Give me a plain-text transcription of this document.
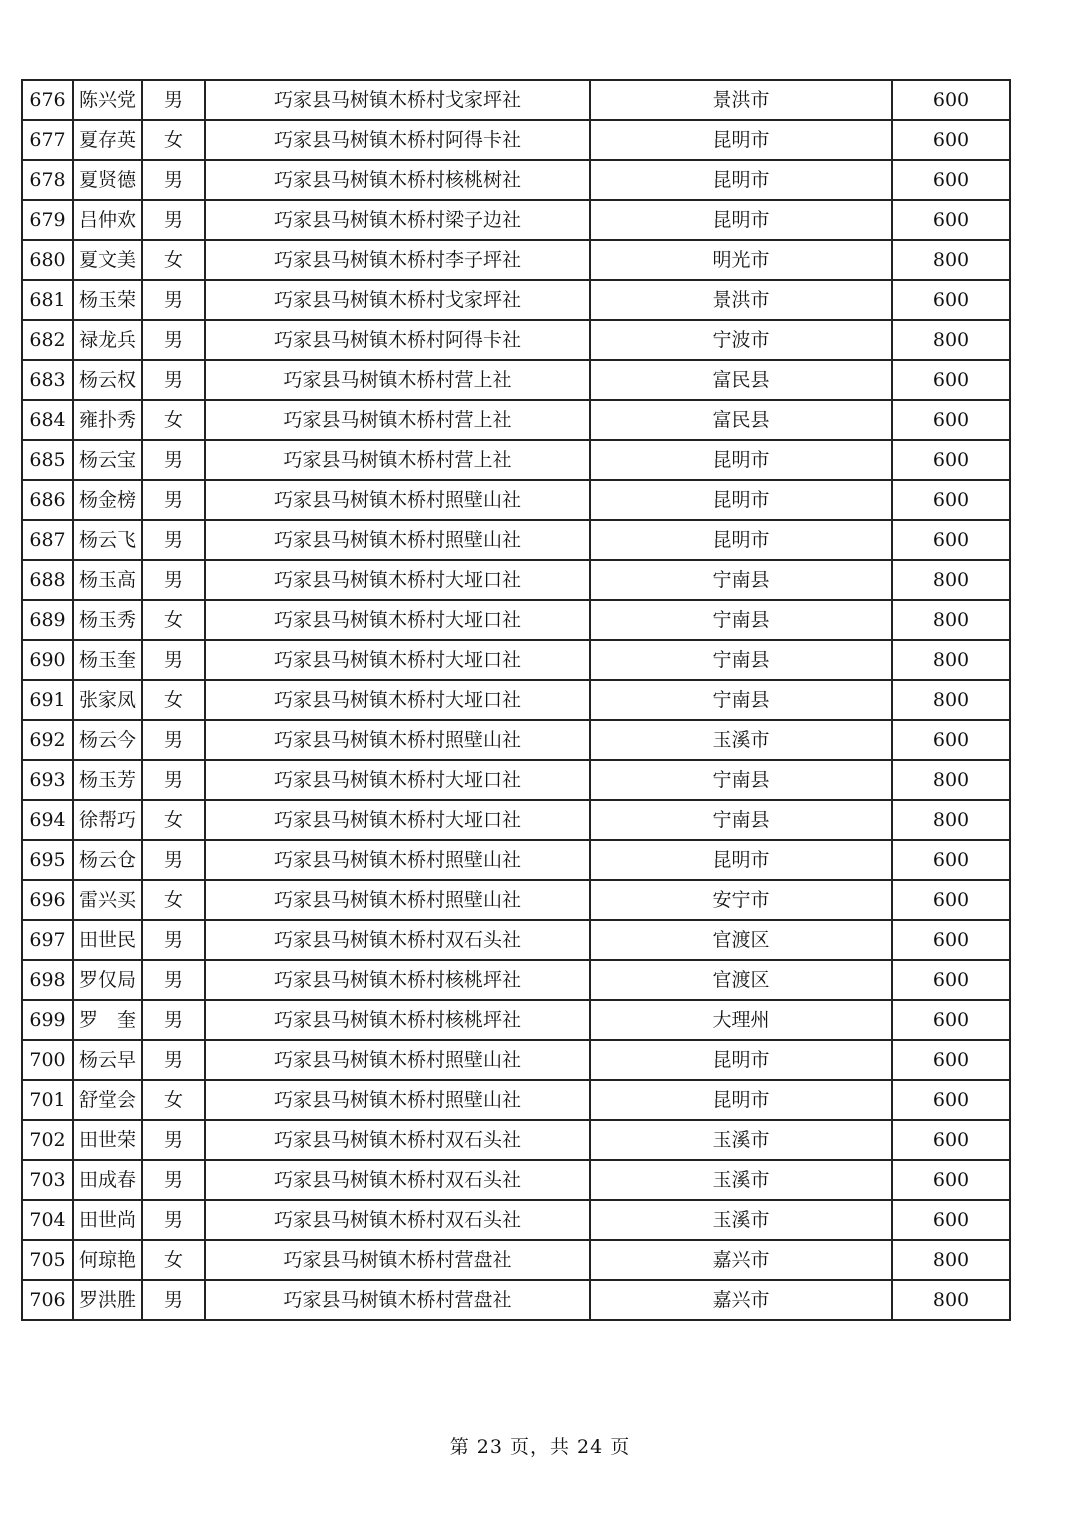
676	陈兴党	男	巧家县马树镇木桥村戈家坪社	景洪市	600
677	夏存英	女	巧家县马树镇木桥村阿得卡社	昆明市	600
678	夏贤德	男	巧家县马树镇木桥村核桃树社	昆明市	600
679	吕仲欢	男	巧家县马树镇木桥村梁子边社	昆明市	600
680	夏文美	女	巧家县马树镇木桥村李子坪社	明光市	800
681	杨玉荣	男	巧家县马树镇木桥村戈家坪社	景洪市	600
682	禄龙兵	男	巧家县马树镇木桥村阿得卡社	宁波市	800
683	杨云权	男	巧家县马树镇木桥村营上社	富民县	600
684	雍扑秀	女	巧家县马树镇木桥村营上社	富民县	600
685	杨云宝	男	巧家县马树镇木桥村营上社	昆明市	600
686	杨金榜	男	巧家县马树镇木桥村照壁山社	昆明市	600
687	杨云飞	男	巧家县马树镇木桥村照壁山社	昆明市	600
688	杨玉高	男	巧家县马树镇木桥村大垭口社	宁南县	800
689	杨玉秀	女	巧家县马树镇木桥村大垭口社	宁南县	800
690	杨玉奎	男	巧家县马树镇木桥村大垭口社	宁南县	800
691	张家凤	女	巧家县马树镇木桥村大垭口社	宁南县	800
692	杨云今	男	巧家县马树镇木桥村照壁山社	玉溪市	600
693	杨玉芳	男	巧家县马树镇木桥村大垭口社	宁南县	800
694	徐帮巧	女	巧家县马树镇木桥村大垭口社	宁南县	800
695	杨云仓	男	巧家县马树镇木桥村照壁山社	昆明市	600
696	雷兴买	女	巧家县马树镇木桥村照壁山社	安宁市	600
697	田世民	男	巧家县马树镇木桥村双石头社	官渡区	600
698	罗仅局	男	巧家县马树镇木桥村核桃坪社	官渡区	600
699	罗　奎	男	巧家县马树镇木桥村核桃坪社	大理州	600
700	杨云早	男	巧家县马树镇木桥村照壁山社	昆明市	600
701	舒堂会	女	巧家县马树镇木桥村照壁山社	昆明市	600
702	田世荣	男	巧家县马树镇木桥村双石头社	玉溪市	600
703	田成春	男	巧家县马树镇木桥村双石头社	玉溪市	600
704	田世尚	男	巧家县马树镇木桥村双石头社	玉溪市	600
705	何琼艳	女	巧家县马树镇木桥村营盘社	嘉兴市	800
706	罗洪胜	男	巧家县马树镇木桥村营盘社	嘉兴市	800
第 23 页，共 24 页
